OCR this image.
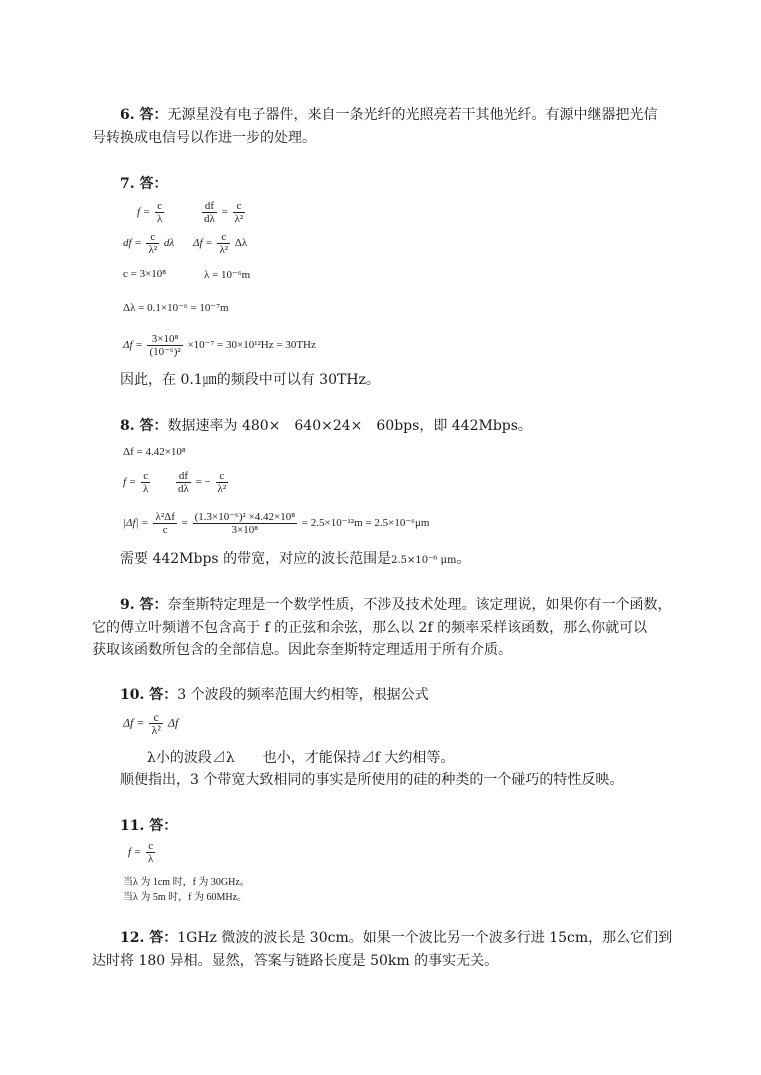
6. 答：无源星没有电子器件，来自一条光纤的光照亮若干其他光纤。有源中继器把光信
号转换成电信号以作进一步的处理。
7. 答：
$f = \frac{c}{\lambda}$	$\frac{df}{d\lambda} = \frac{c}{\text{λ²}}$
df = $\frac{c}{\text{λ²}}$ dλ $\Delta f = \frac{c}{\text{λ²}}$ Δλ
c = 3×10⁸	λ = 10⁻⁶m
Δλ = 0.1×10⁻⁶ = 10⁻⁷m
$\Delta f = \frac{\text{3×10⁸}}{\text{(10⁻⁶)²}} \times 10^{-7} = 30\times 10^{12}Hz = 30THz$
因此，在 0.1㎛的频段中可以有 30THz。
8. 答：数据速率为 480×　640×24×　60bps，即 442Mbps。
Δf = 4.42×10⁸
$f = \frac{c}{\lambda} \frac{df}{d\lambda}$ = − $\frac{c}{\text{λ²}}$
$|\Delta f| = \frac{\text{λ²Δf}}{c} = \frac{\text{(1.3×10⁻⁶)² ×4.42×10⁸}}{\text{3×10⁸}} = 2.5\times 10^{-12}m = 2.5\times 10^{-6}\mu m$
需要 442Mbps 的带宽，对应的波长范围是2.5×10⁻⁶ μm。
9. 答：奈奎斯特定理是一个数学性质，不涉及技术处理。该定理说，如果你有一个函数，
它的傅立叶频谱不包含高于 f 的正弦和余弦，那么以 2f 的频率采样该函数，那么你就可以
获取该函数所包含的全部信息。因此奈奎斯特定理适用于所有介质。
10. 答：3 个波段的频率范围大约相等，根据公式
$\Delta f = \frac{c}{\text{λ²}}$ Δf
λ小的波段⊿λ　　也小，才能保持⊿f 大约相等。
顺便指出，3 个带宽大致相同的事实是所使用的硅的种类的一个碰巧的特性反映。
11. 答：
$f = \frac{c}{\lambda}$
当λ 为 1cm 时，f 为 30GHz。
当λ 为 5m 时，f 为 60MHz。
12. 答：1GHz 微波的波长是 30cm。如果一个波比另一个波多行进 15cm，那么它们到
达时将 180 异相。显然，答案与链路长度是 50km 的事实无关。
